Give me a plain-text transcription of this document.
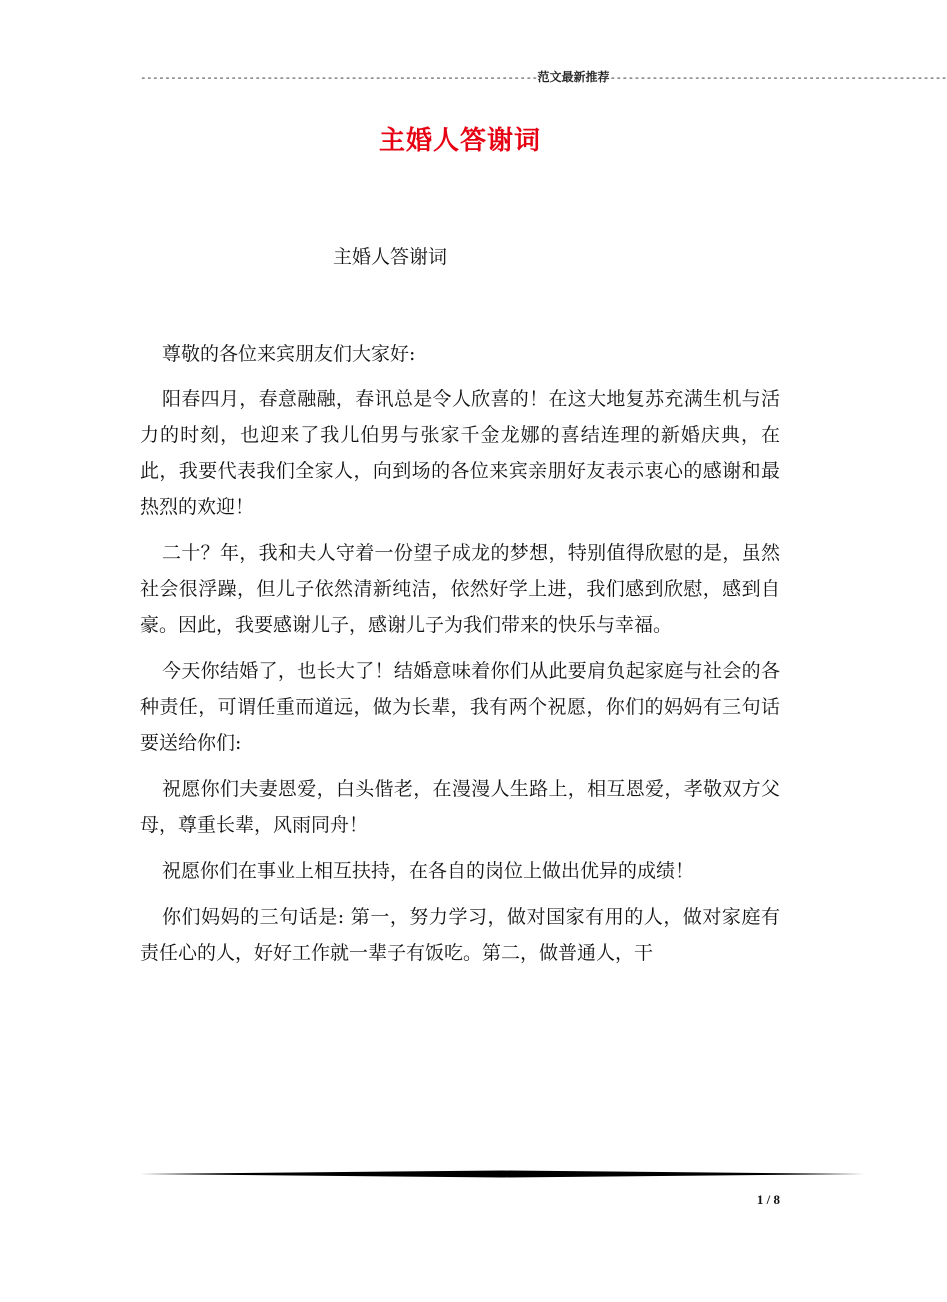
------------------------------------------------------------------范文最新推荐--------------------------------------------------------
主婚人答谢词
主婚人答谢词
尊敬的各位来宾朋友们大家好:

阳春四月，春意融融，春讯总是令人欣喜的！在这大地复苏充满生机与活力的时刻，也迎来了我儿伯男与张家千金龙娜的喜结连理的新婚庆典，在此，我要代表我们全家人，向到场的各位来宾亲朋好友表示衷心的感谢和最热烈的欢迎！

二十？年，我和夫人守着一份望子成龙的梦想，特别值得欣慰的是，虽然社会很浮躁，但儿子依然清新纯洁，依然好学上进，我们感到欣慰，感到自豪。因此，我要感谢儿子，感谢儿子为我们带来的快乐与幸福。

今天你结婚了，也长大了！结婚意味着你们从此要肩负起家庭与社会的各种责任，可谓任重而道远，做为长辈，我有两个祝愿，你们的妈妈有三句话要送给你们:

祝愿你们夫妻恩爱，白头偕老，在漫漫人生路上，相互恩爱，孝敬双方父母，尊重长辈，风雨同舟！

祝愿你们在事业上相互扶持，在各自的岗位上做出优异的成绩！

你们妈妈的三句话是: 第一，努力学习，做对国家有用的人，做对家庭有责任心的人，好好工作就一辈子有饭吃。第二，做普通人，干

1 / 8
